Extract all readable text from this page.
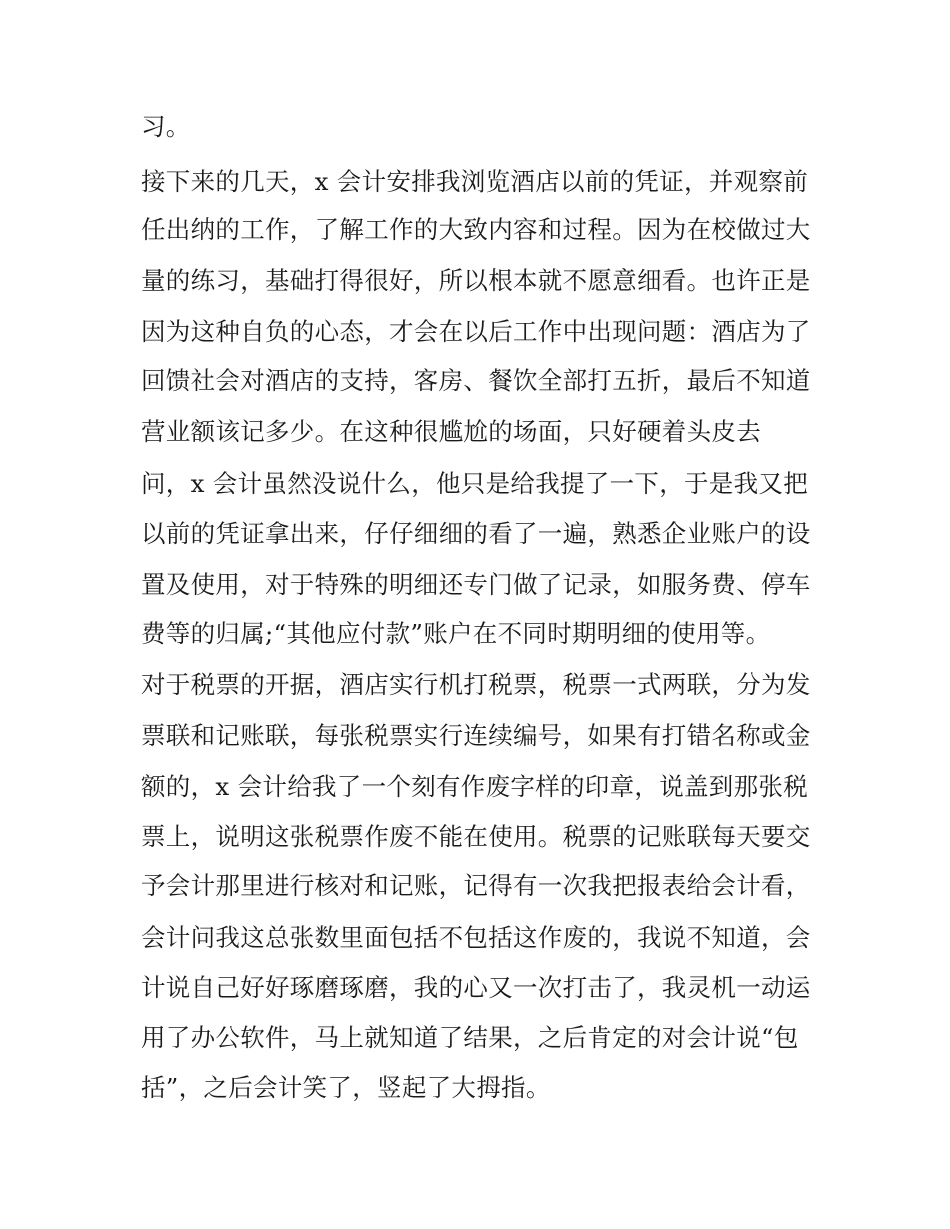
习。
接下来的几天，x 会计安排我浏览酒店以前的凭证，并观察前
任出纳的工作，了解工作的大致内容和过程。因为在校做过大
量的练习，基础打得很好，所以根本就不愿意细看。也许正是
因为这种自负的心态，才会在以后工作中出现问题：酒店为了
回馈社会对酒店的支持，客房、餐饮全部打五折，最后不知道
营业额该记多少。在这种很尴尬的场面，只好硬着头皮去
问，x 会计虽然没说什么，他只是给我提了一下，于是我又把
以前的凭证拿出来，仔仔细细的看了一遍，熟悉企业账户的设
置及使用，对于特殊的明细还专门做了记录，如服务费、停车
费等的归属;“其他应付款”账户在不同时期明细的使用等。
对于税票的开据，酒店实行机打税票，税票一式两联，分为发
票联和记账联，每张税票实行连续编号，如果有打错名称或金
额的，x 会计给我了一个刻有作废字样的印章，说盖到那张税
票上，说明这张税票作废不能在使用。税票的记账联每天要交
予会计那里进行核对和记账，记得有一次我把报表给会计看，
会计问我这总张数里面包括不包括这作废的，我说不知道，会
计说自己好好琢磨琢磨，我的心又一次打击了，我灵机一动运
用了办公软件，马上就知道了结果，之后肯定的对会计说“包
括”，之后会计笑了，竖起了大拇指。
